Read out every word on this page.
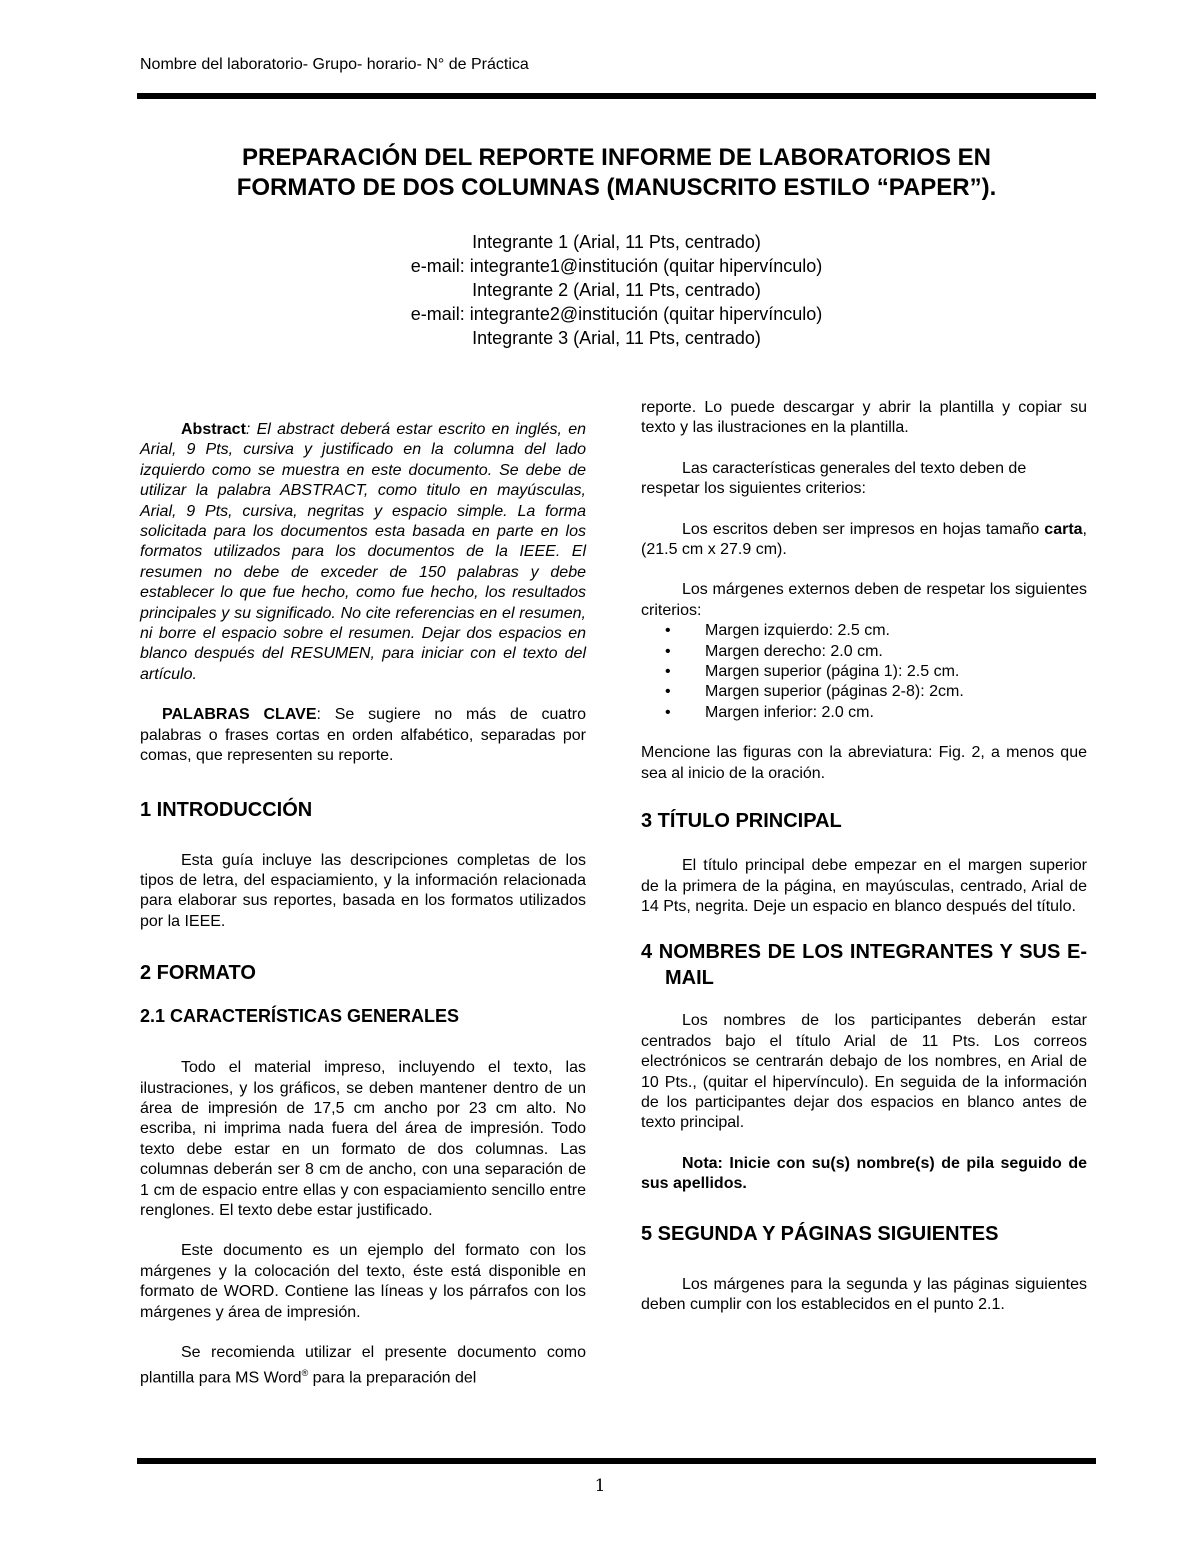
Nombre del laboratorio- Grupo- horario- N° de Práctica
PREPARACIÓN DEL REPORTE INFORME DE LABORATORIOS EN
FORMATO DE DOS COLUMNAS (MANUSCRITO ESTILO “PAPER”).
Integrante 1 (Arial, 11 Pts, centrado)
e-mail: integrante1@institución (quitar hipervínculo)
Integrante 2 (Arial, 11 Pts, centrado)
e-mail: integrante2@institución (quitar hipervínculo)
Integrante 3 (Arial, 11 Pts, centrado)

Abstract: El abstract deberá estar escrito en inglés, en Arial, 9 Pts, cursiva y justificado en la columna del lado izquierdo como se muestra en este documento. Se debe de utilizar la palabra ABSTRACT, como titulo en mayúsculas, Arial, 9 Pts, cursiva, negritas y espacio simple. La forma solicitada para los documentos esta basada en parte en los formatos utilizados para los documentos de la IEEE. El resumen no debe de exceder de 150 palabras y debe establecer lo que fue hecho, como fue hecho, los resultados principales y su significado. No cite referencias en el resumen, ni borre el espacio sobre el resumen. Dejar dos espacios en blanco después del RESUMEN, para iniciar con el texto del artículo.

PALABRAS CLAVE: Se sugiere no más de cuatro palabras o frases cortas en orden alfabético, separadas por comas, que representen su reporte.

1 INTRODUCCIÓN

Esta guía incluye las descripciones completas de los tipos de letra, del espaciamiento, y la información relacionada para elaborar sus reportes, basada en los formatos utilizados por la IEEE.

2 FORMATO
2.1 CARACTERÍSTICAS GENERALES

Todo el material impreso, incluyendo el texto, las ilustraciones, y los gráficos, se deben mantener dentro de un área de impresión de 17,5 cm ancho por 23 cm alto. No escriba, ni imprima nada fuera del área de impresión. Todo texto debe estar en un formato de dos columnas. Las columnas deberán ser 8 cm de ancho, con una separación de 1 cm de espacio entre ellas y con espaciamiento sencillo entre renglones. El texto debe estar justificado.

Este documento es un ejemplo del formato con los márgenes y la colocación del texto, éste está disponible en formato de WORD. Contiene las líneas y los párrafos con los márgenes y área de impresión.

Se recomienda utilizar el presente documento como plantilla para MS Word® para la preparación del

reporte. Lo puede descargar y abrir la plantilla y copiar su texto y las ilustraciones en la plantilla.

Las características generales del texto deben de respetar los siguientes criterios:

Los escritos deben ser impresos en hojas tamaño carta, (21.5 cm x 27.9 cm).

Los márgenes externos deben de respetar los siguientes criterios:

• Margen izquierdo: 2.5 cm.
• Margen derecho: 2.0 cm.
• Margen superior (página 1): 2.5 cm.
• Margen superior (páginas 2-8): 2cm.
• Margen inferior: 2.0 cm.

Mencione las figuras con la abreviatura: Fig. 2, a menos que sea al inicio de la oración.

3 TÍTULO PRINCIPAL

El título principal debe empezar en el margen superior de la primera de la página, en mayúsculas, centrado, Arial de 14 Pts, negrita. Deje un espacio en blanco después del título.

4 NOMBRES DE LOS INTEGRANTES Y SUS E-MAIL

Los nombres de los participantes deberán estar centrados bajo el título Arial de 11 Pts. Los correos electrónicos se centrarán debajo de los nombres, en Arial de 10 Pts., (quitar el hipervínculo). En seguida de la información de los participantes dejar dos espacios en blanco antes de texto principal.

Nota: Inicie con su(s) nombre(s) de pila seguido de sus apellidos.

5 SEGUNDA Y PÁGINAS SIGUIENTES

Los márgenes para la segunda y las páginas siguientes deben cumplir con los establecidos en el punto 2.1.

1
